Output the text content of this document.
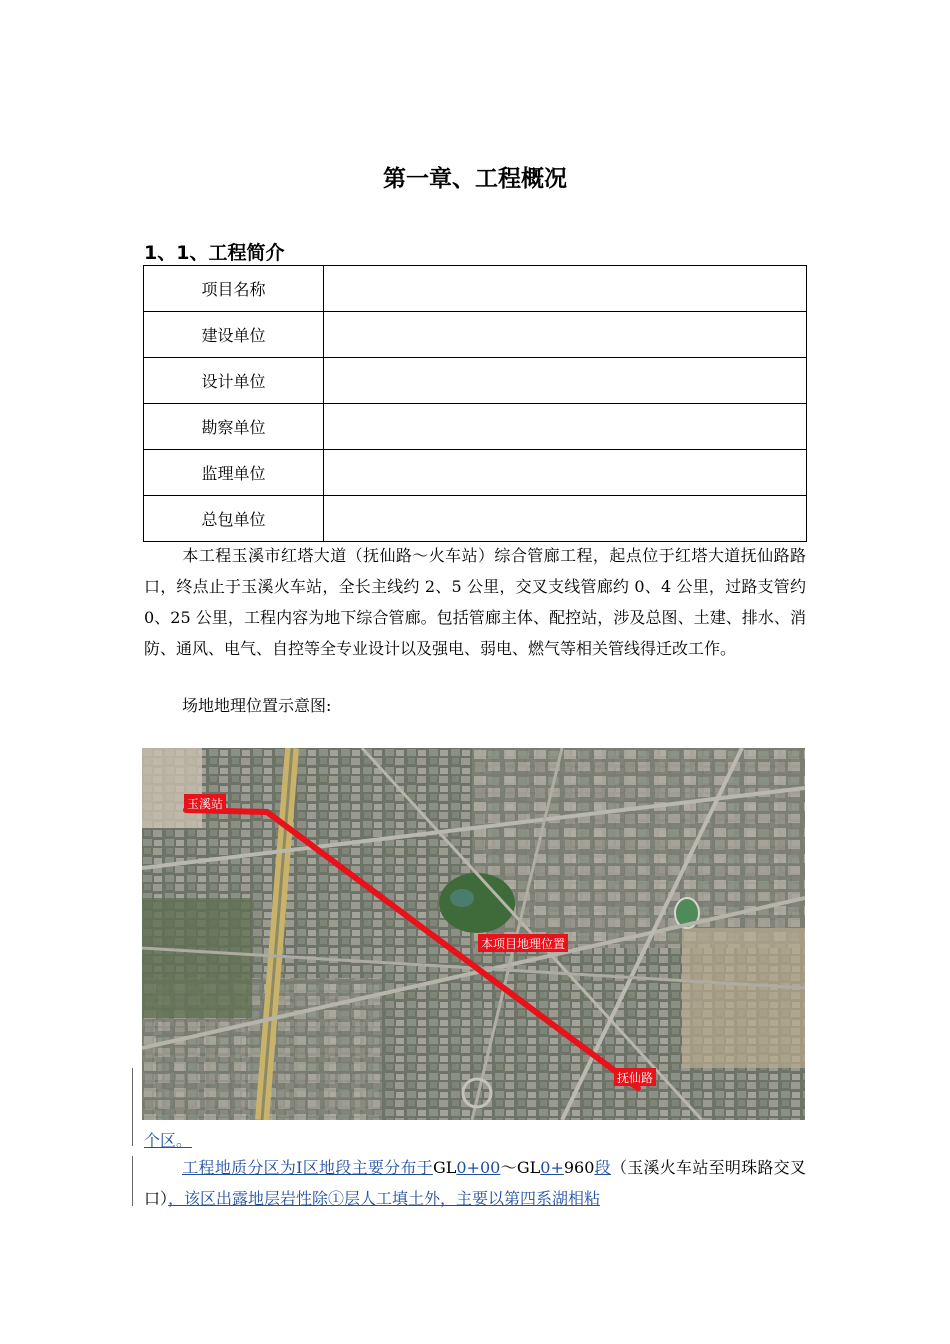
第一章、工程概况
1、1、工程简介
项目名称	
建设单位	
设计单位	
勘察单位	
监理单位	
总包单位	
本工程玉溪市红塔大道（抚仙路～火车站）综合管廊工程，起点位于红塔大道抚仙路路口，终点止于玉溪火车站，全长主线约 2、5 公里，交叉支线管廊约 0、4 公里，过路支管约 0、25 公里，工程内容为地下综合管廊。包括管廊主体、配控站，涉及总图、土建、排水、消防、通风、电气、自控等全专业设计以及强电、弱电、燃气等相关管线得迁改工作。
场地地理位置示意图:
玉溪站
本项目地理位置
抚仙路
个区。
工程地质分区为Ⅰ区地段主要分布于GL0+00～GL0+960段（玉溪火车站至明珠路交叉口），该区出露地层岩性除①层人工填土外，主要以第四系湖相粘
